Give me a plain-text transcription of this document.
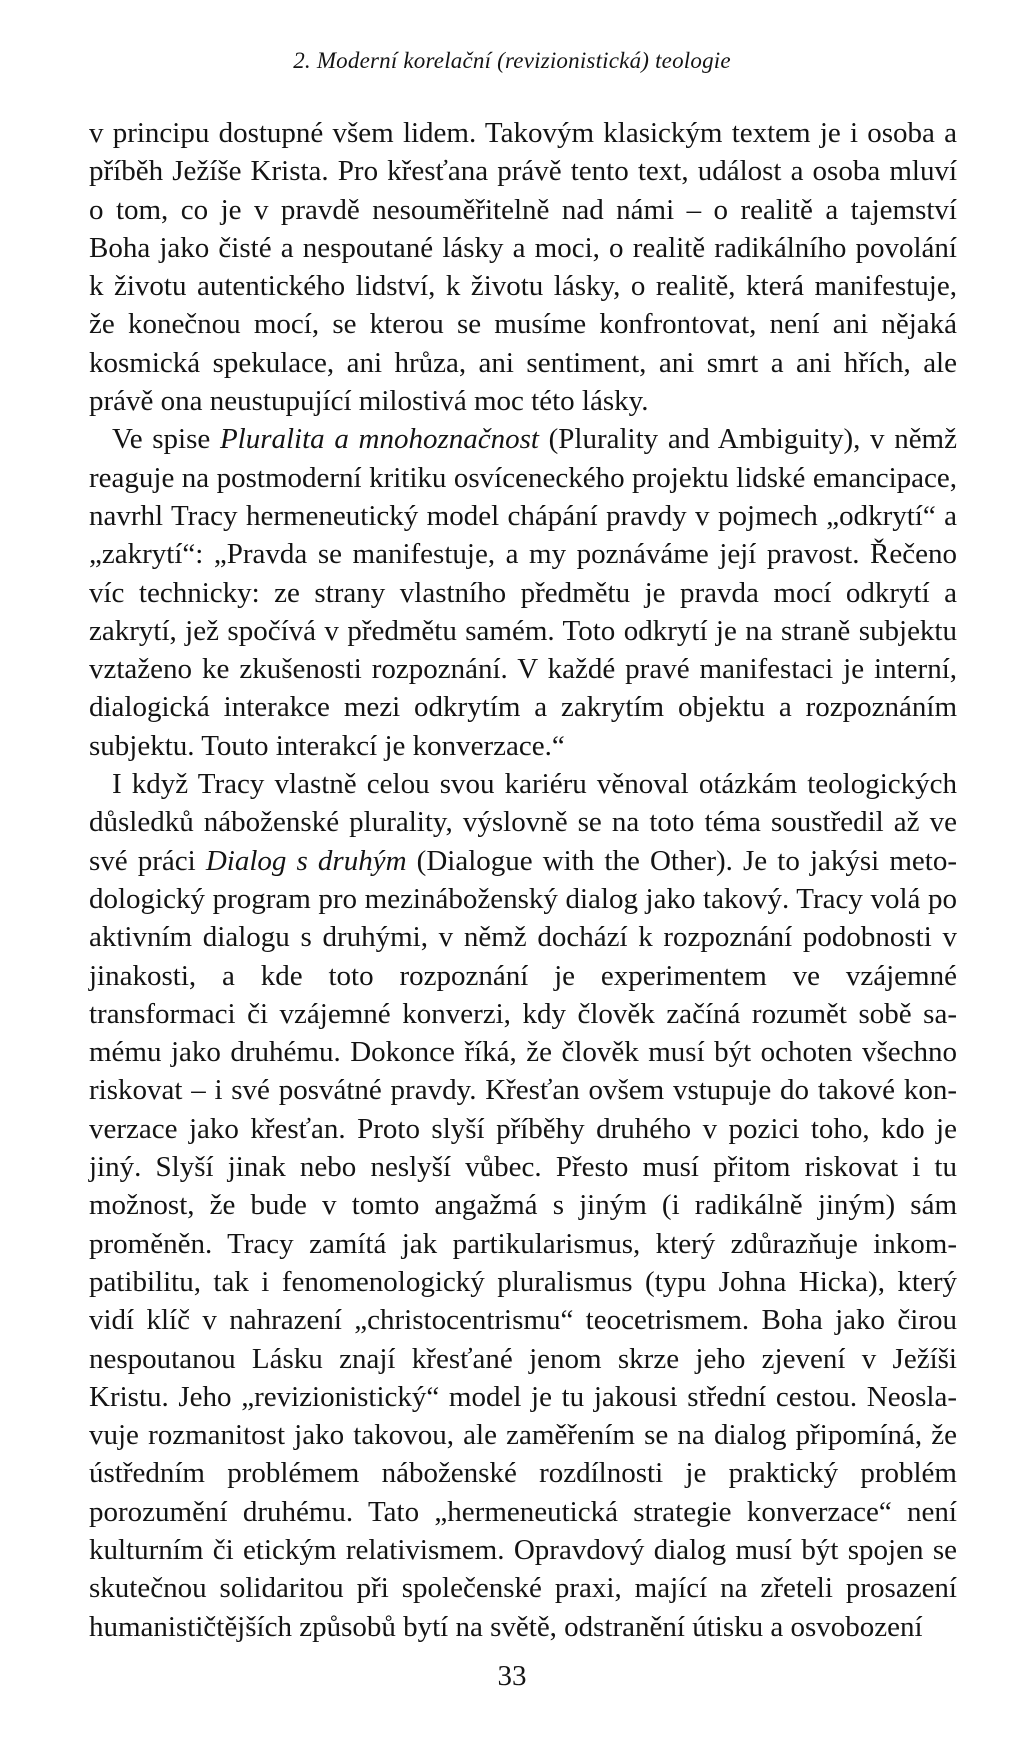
2. Moderní korelační (revizionistická) teologie

v principu dostupné všem lidem. Takovým klasickým textem je i osoba a příběh Ježíše Krista. Pro křesťana právě tento text, událost a osoba mluví o tom, co je v pravdě nesouměřitelně nad námi – o realitě a tajemství Boha jako čisté a nespoutané lásky a moci, o realitě radikálního povolání k životu autentického lidství, k životu lásky, o realitě, která manifestuje, že konečnou mocí, se kterou se musíme konfrontovat, není ani nějaká kosmická spekulace, ani hrůza, ani sentiment, ani smrt a ani hřích, ale právě ona neustupující milostivá moc této lásky.

Ve spise Pluralita a mnohoznačnost (Plurality and Ambiguity), v němž reaguje na postmoderní kritiku osvíceneckého projektu lidské emancipace, navrhl Tracy hermeneutický model chápání pravdy v pojmech „odkrytí“ a „zakrytí“: „Pravda se manifestuje, a my poznáváme její pravost. Řečeno víc technicky: ze strany vlastního předmětu je pravda mocí odkrytí a zakrytí, jež spočívá v předmětu samém. Toto odkrytí je na straně subjektu vztaženo ke zkušenosti rozpoznání. V každé pravé manifestaci je interní, dialogická interakce mezi odkrytím a zakrytím objektu a rozpoznáním subjektu. Touto interakcí je konverzace.“

I když Tracy vlastně celou svou kariéru věnoval otázkám teologických důsledků náboženské plurality, výslovně se na toto téma soustředil až ve své práci Dialog s druhým (Dialogue with the Other). Je to jakýsi metodologický program pro mezináboženský dialog jako takový. Tracy volá po aktivním dialogu s druhými, v němž dochází k rozpoznání podobnosti v jinakosti, a kde toto rozpoznání je experimentem ve vzájemné transformaci či vzájemné konverzi, kdy člověk začíná rozumět sobě samému jako druhému. Dokonce říká, že člověk musí být ochoten všechno riskovat – i své posvátné pravdy. Křesťan ovšem vstupuje do takové konverzace jako křesťan. Proto slyší příběhy druhého v pozici toho, kdo je jiný. Slyší jinak nebo neslyší vůbec. Přesto musí přitom riskovat i tu možnost, že bude v tomto angažmá s jiným (i radikálně jiným) sám proměněn. Tracy zamítá jak partikularismus, který zdůrazňuje inkompatibilitu, tak i fenomenologický pluralismus (typu Johna Hicka), který vidí klíč v nahrazení „christocentrismu“ teocetrismem. Boha jako čirou nespoutanou Lásku znají křesťané jenom skrze jeho zjevení v Ježíši Kristu. Jeho „revizionistický“ model je tu jakousi střední cestou. Neoslavuje rozmanitost jako takovou, ale zaměřením se na dialog připomíná, že ústředním problémem náboženské rozdílnosti je praktický problém porozumění druhému. Tato „hermeneutická strategie konverzace“ není kulturním či etickým relativismem. Opravdový dialog musí být spojen se skutečnou solidaritou při společenské praxi, mající na zřeteli prosazení humanističtějších způsobů bytí na světě, odstranění útisku a osvobození

33
